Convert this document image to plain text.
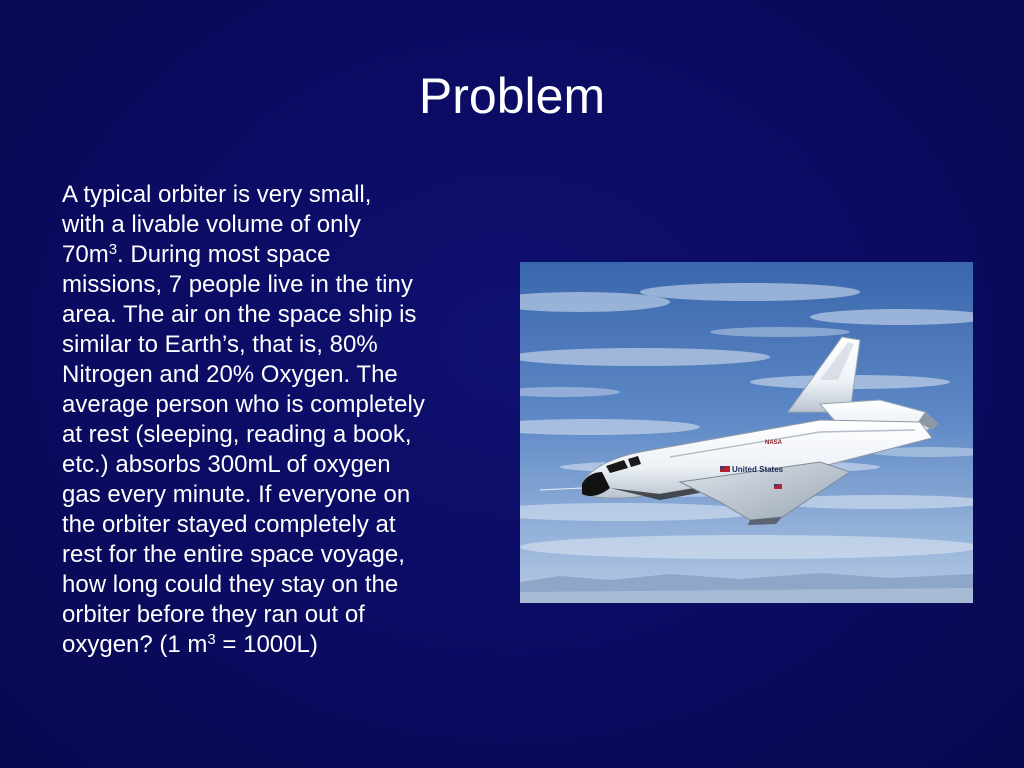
Problem

A typical orbiter is very small,
with a livable volume of only
$70m^3$. During most space
missions, 7 people live in the tiny
area. The air on the space ship is
similar to Earth’s, that is, 80%
Nitrogen and 20% Oxygen. The
average person who is completely
at rest (sleeping, reading a book,
etc.) absorbs 300mL of oxygen
gas every minute. If everyone on
the orbiter stayed completely at
rest for the entire space voyage,
how long could they stay on the
orbiter before they ran out of
oxygen? (1 $m^3 = 1000L$)

United States
NASA
